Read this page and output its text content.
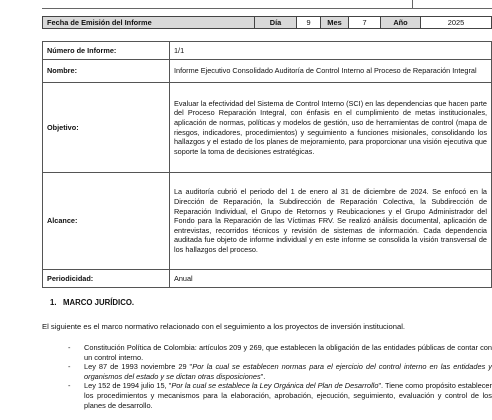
Fecha de Emisión del Informe	Día	9	Mes	7	Año	2025
Número de Informe:	1/1
Nombre:	Informe Ejecutivo Consolidado Auditoría de Control Interno al Proceso de Reparación Integral
Objetivo:	Evaluar la efectividad del Sistema de Control Interno (SCI) en las dependencias que hacen parte del Proceso Reparación Integral, con énfasis en el cumplimiento de metas institucionales, aplicación de normas, políticas y modelos de gestión, uso de herramientas de control (mapa de riesgos, indicadores, procedimientos) y seguimiento a funciones misionales, consolidando los hallazgos y el estado de los planes de mejoramiento, para proporcionar una visión ejecutiva que soporte la toma de decisiones estratégicas.
Alcance:	La auditoría cubrió el periodo del 1 de enero al 31 de diciembre de 2024. Se enfocó en la Dirección de Reparación, la Subdirección de Reparación Colectiva, la Subdirección de Reparación Individual, el Grupo de Retornos y Reubicaciones y el Grupo Administrador del Fondo para la Reparación de las Víctimas FRV. Se realizó análisis documental, aplicación de entrevistas, recorridos técnicos y revisión de sistemas de información. Cada dependencia auditada fue objeto de informe individual y en este informe se consolida la visión transversal de los hallazgos del proceso.
Periodicidad:	Anual
1. MARCO JURÍDICO.
El siguiente es el marco normativo relacionado con el seguimiento a los proyectos de inversión institucional.
- Constitución Política de Colombia: artículos 209 y 269, que establecen la obligación de las entidades públicas de contar con un control interno.
- Ley 87 de 1993 noviembre 29 "Por la cual se establecen normas para el ejercicio del control interno en las entidades y organismos del estado y se dictan otras disposiciones".
- Ley 152 de 1994 julio 15, "Por la cual se establece la Ley Orgánica del Plan de Desarrollo". Tiene como propósito establecer los procedimientos y mecanismos para la elaboración, aprobación, ejecución, seguimiento, evaluación y control de los planes de desarrollo.
